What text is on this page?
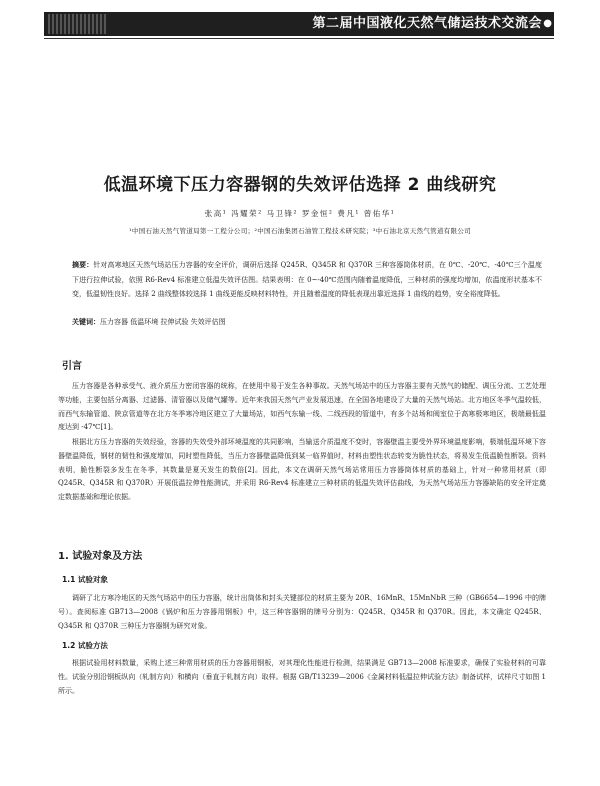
第二届中国液化天然气储运技术交流会 ●
低温环境下压力容器钢的失效评估选择 2 曲线研究
张高¹ 冯耀荣² 马卫锋² 罗金恒² 费凡¹ 曾佑华¹
¹中国石油天然气管道局第一工程分公司；²中国石油集团石油管工程技术研究院；³中石油北京天然气管道有限公司
摘要：针对高寒地区天然气场站压力容器的安全评价，调研后选择 Q245R、Q345R 和 Q370R 三种容器筒体材质，在 0℃、-20℃、-40℃三个温度下进行拉伸试验，依照 R6-Rev4 标准建立低温失效评估图。结果表明：在 0~-40℃范围内随着温度降低，三种材质的强度均增加，依温度形状基本不变，低温韧性良好。选择 2 曲线整体较选择 1 曲线更能反映材料特性，并且随着温度的降低表现出靠近选择 1 曲线的趋势，安全裕度降低。
关键词：压力容器 低温环境 拉伸试验 失效评估图
引言

压力容器是各种承受气、液介质压力密闭容器的统称，在使用中易于发生各种事故。天然气场站中的压力容器主要有天然气的储配、调压分流、工艺处理等功能，主要包括分离器、过滤器、清管器以及储气罐等。近年来我国天然气产业发展迅速，在全国各地建设了大量的天然气场站。北方地区冬季气温较低，而西气东输管道、陕京管道等在北方冬季寒冷地区建立了大量场站，如西气东输一线、二线西段的管道中，有多个站场和阀室位于高寒极寒地区，极端最低温度达到 -47℃[1]。

根据北方压力容器的失效经验，容器的失效受外部环境温度的共同影响，当输送介质温度不变时，容器壁温主要受外界环境温度影响，极端低温环境下容器壁温降低，钢材的韧性和强度增加，同时塑性降低，当压力容器壁温降低到某一临界值时，材料由塑性状态转变为脆性状态，将易发生低温脆性断裂。资料表明，脆性断裂多发生在冬季，其数量是夏天发生的数倍[2]。因此，本文在调研天然气场站常用压力容器筒体材质的基础上，针对一种常用材质（即 Q245R、Q345R 和 Q370R）开展低温拉伸性能测试，并采用 R6-Rev4 标准建立三种材质的低温失效评估曲线，为天然气场站压力容器缺陷的安全评定奠定数据基础和理论依据。

1. 试验对象及方法
1.1 试验对象

调研了北方寒冷地区的天然气场站中的压力容器，统计出筒体和封头关键部位的材质主要为 20R、16MnR、15MnNbR 三种（GB6654—1996 中的牌号）。查阅标准 GB713—2008《锅炉和压力容器用钢板》中，这三种容器钢的牌号分别为：Q245R、Q345R 和 Q370R。因此，本文确定 Q245R、Q345R 和 Q370R 三种压力容器钢为研究对象。

1.2 试验方法

根据试验用材料数量，采购上述三种常用材质的压力容器用钢板，对其理化性能进行检测，结果满足 GB713—2008 标准要求，确保了实验材料的可靠性。试验分别沿钢板纵向（轧制方向）和横向（垂直于轧制方向）取样。根据 GB/T13239—2006《金属材料低温拉伸试验方法》制备试样，试样尺寸如图 1 所示。
